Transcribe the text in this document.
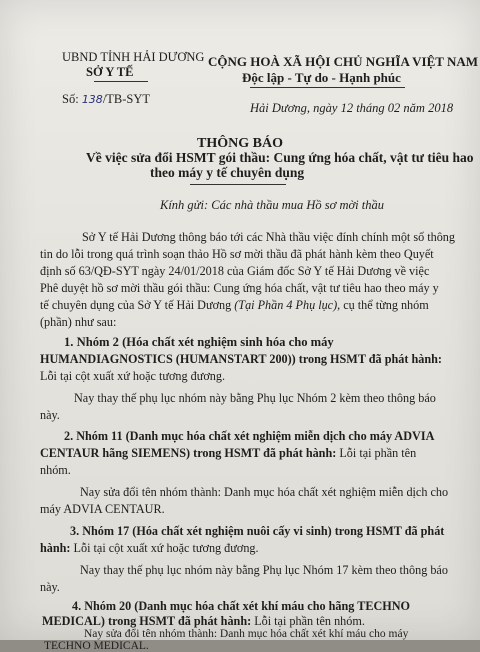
UBND TỈNH HẢI DƯƠNG
SỞ Y TẾ
CỘNG HOÀ XÃ HỘI CHỦ NGHĨA VIỆT NAM
Độc lập - Tự do - Hạnh phúc
Số: 138/TB-SYT
Hải Dương, ngày 12 tháng 02 năm 2018
THÔNG BÁO
Về việc sửa đổi HSMT gói thầu: Cung ứng hóa chất, vật tư tiêu hao
theo máy y tế chuyên dụng
Kính gửi: Các nhà thầu mua Hồ sơ mời thầu
Sở Y tế Hải Dương thông báo tới các Nhà thầu việc đính chính một số thông
tin do lỗi trong quá trình soạn thảo Hồ sơ mời thầu đã phát hành kèm theo Quyết
định số 63/QĐ-SYT ngày 24/01/2018 của Giám đốc Sở Y tế Hải Dương về việc
Phê duyệt hồ sơ mời thầu gói thầu: Cung ứng hóa chất, vật tư tiêu hao theo máy y
tế chuyên dụng của Sở Y tế Hải Dương (Tại Phần 4 Phụ lục), cụ thể từng nhóm
(phần) như sau:
1. Nhóm 2 (Hóa chất xét nghiệm sinh hóa cho máy
HUMANDIAGNOSTICS (HUMANSTART 200)) trong HSMT đã phát hành:
Lỗi tại cột xuất xứ hoặc tương đương.
Nay thay thế phụ lục nhóm này bằng Phụ lục Nhóm 2 kèm theo thông báo
này.
2. Nhóm 11 (Danh mục hóa chất xét nghiệm miễn dịch cho máy ADVIA
CENTAUR hãng SIEMENS) trong HSMT đã phát hành: Lỗi tại phần tên
nhóm.
Nay sửa đổi tên nhóm thành: Danh mục hóa chất xét nghiệm miễn dịch cho
máy ADVIA CENTAUR.
3. Nhóm 17 (Hóa chất xét nghiệm nuôi cấy vi sinh) trong HSMT đã phát
hành: Lỗi tại cột xuất xứ hoặc tương đương.
Nay thay thế phụ lục nhóm này bằng Phụ lục Nhóm 17 kèm theo thông báo
này.
4. Nhóm 20 (Danh mục hóa chất xét khí máu cho hãng TECHNO
MEDICAL) trong HSMT đã phát hành: Lỗi tại phần tên nhóm.
Nay sửa đổi tên nhóm thành: Danh mục hóa chất xét khí máu cho máy
TECHNO MEDICAL.
